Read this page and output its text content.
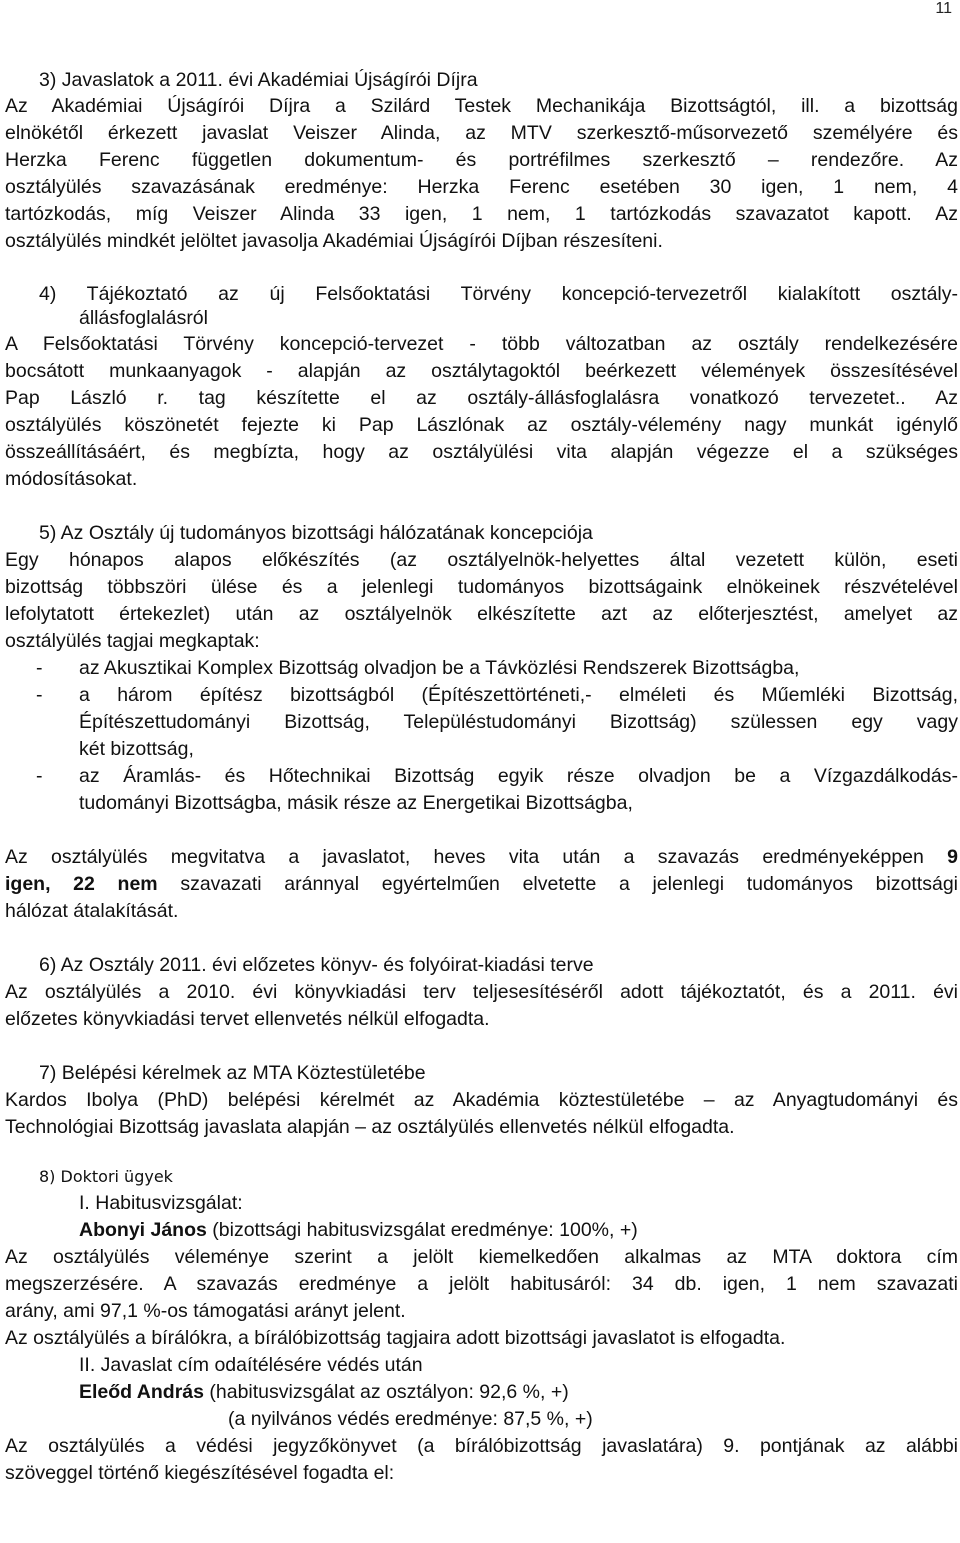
11
3) Javaslatok a 2011. évi Akadémiai Újságírói Díjra
Az Akadémiai Újságírói Díjra a Szilárd Testek Mechanikája Bizottságtól, ill. a bizottság
elnökétől érkezett javaslat Veiszer Alinda, az MTV szerkesztő-műsorvezető személyére és
Herzka Ferenc független dokumentum- és portréfilmes szerkesztő – rendezőre. Az
osztályülés szavazásának eredménye: Herzka Ferenc esetében 30 igen, 1 nem, 4
tartózkodás, míg Veiszer Alinda 33 igen, 1 nem, 1 tartózkodás szavazatot kapott. Az
osztályülés mindkét jelöltet javasolja Akadémiai Újságírói Díjban részesíteni.
4) Tájékoztató az új Felsőoktatási Törvény koncepció-tervezetről kialakított osztály-
állásfoglalásról
A Felsőoktatási Törvény koncepció-tervezet - több változatban az osztály rendelkezésére
bocsátott munkaanyagok - alapján az osztálytagoktól beérkezett vélemények összesítésével
Pap László r. tag készítette el az osztály-állásfoglalásra vonatkozó tervezetet.. Az
osztályülés köszönetét fejezte ki Pap Lászlónak az osztály-vélemény nagy munkát igénylő
összeállításáért, és megbízta, hogy az osztályülési vita alapján végezze el a szükséges
módosításokat.
5) Az Osztály új tudományos bizottsági hálózatának koncepciója
Egy hónapos alapos előkészítés (az osztályelnök-helyettes által vezetett külön, eseti
bizottság többszöri ülése és a jelenlegi tudományos bizottságaink elnökeinek részvételével
lefolytatott értekezlet) után az osztályelnök elkészítette azt az előterjesztést, amelyet az
osztályülés tagjai megkaptak:
- az Akusztikai Komplex Bizottság olvadjon be a Távközlési Rendszerek Bizottságba,
- a három építész bizottságból (Építészettörténeti,- elméleti és Műemléki Bizottság,
Építészettudományi Bizottság, Településtudományi Bizottság) szülessen egy vagy
két bizottság,
- az Áramlás- és Hőtechnikai Bizottság egyik része olvadjon be a Vízgazdálkodás-
tudományi Bizottságba, másik része az Energetikai Bizottságba,
Az osztályülés megvitatva a javaslatot, heves vita után a szavazás eredményeképpen 9
igen, 22 nem szavazati aránnyal egyértelműen elvetette a jelenlegi tudományos bizottsági
hálózat átalakítását.
6) Az Osztály 2011. évi előzetes könyv- és folyóirat-kiadási terve
Az osztályülés a 2010. évi könyvkiadási terv teljesesítéséről adott tájékoztatót, és a 2011. évi
előzetes könyvkiadási tervet ellenvetés nélkül elfogadta.
7) Belépési kérelmek az MTA Köztestületébe
Kardos Ibolya (PhD) belépési kérelmét az Akadémia köztestületébe – az Anyagtudományi és
Technológiai Bizottság javaslata alapján – az osztályülés ellenvetés nélkül elfogadta.
8) Doktori ügyek
I. Habitusvizsgálat:
Abonyi János (bizottsági habitusvizsgálat eredménye: 100%, +)
Az osztályülés véleménye szerint a jelölt kiemelkedően alkalmas az MTA doktora cím
megszerzésére. A szavazás eredménye a jelölt habitusáról: 34 db. igen, 1 nem szavazati
arány, ami 97,1 %-os támogatási arányt jelent.
Az osztályülés a bírálókra, a bírálóbizottság tagjaira adott bizottsági javaslatot is elfogadta.
II. Javaslat cím odaítélésére védés után
Eleőd András (habitusvizsgálat az osztályon: 92,6 %, +)
(a nyilvános védés eredménye: 87,5 %, +)
Az osztályülés a védési jegyzőkönyvet (a bírálóbizottság javaslatára) 9. pontjának az alábbi
szöveggel történő kiegészítésével fogadta el:
